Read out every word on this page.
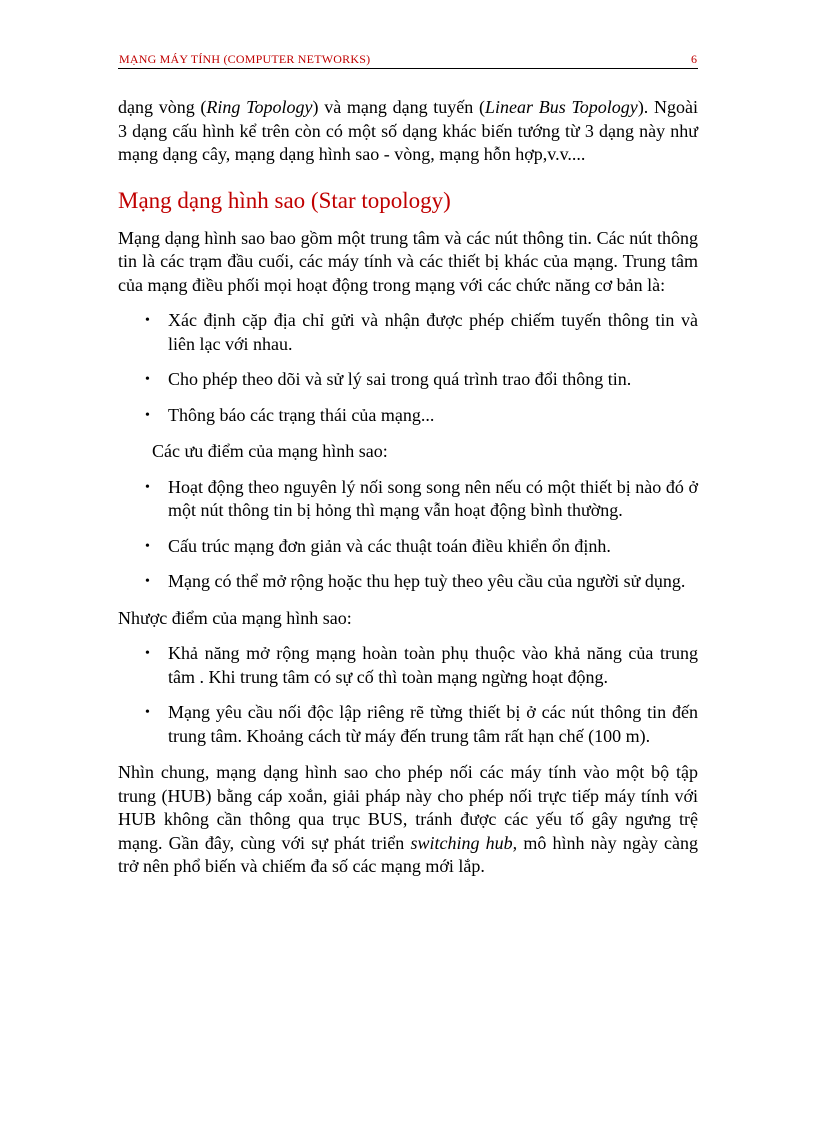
MẠNG MÁY TÍNH (COMPUTER NETWORKS)	6

dạng vòng (Ring Topology) và mạng dạng tuyến (Linear Bus Topology). Ngoài 3 dạng cấu hình kể trên còn có một số dạng khác biến tướng từ 3 dạng này như mạng dạng cây, mạng dạng hình sao - vòng, mạng hỗn hợp,v.v....

Mạng dạng hình sao (Star topology)

Mạng dạng hình sao bao gồm một trung tâm và các nút thông tin. Các nút thông tin là các trạm đầu cuối, các máy tính và các thiết bị khác của mạng. Trung tâm của mạng điều phối mọi hoạt động trong mạng với các chức năng cơ bản là:

• Xác định cặp địa chỉ gửi và nhận được phép chiếm tuyến thông tin và liên lạc với nhau.
• Cho phép theo dõi và sử lý sai trong quá trình trao đổi thông tin.
• Thông báo các trạng thái của mạng...

Các ưu điểm của mạng hình sao:

• Hoạt động theo nguyên lý nối song song nên nếu có một thiết bị nào đó ở một nút thông tin bị hỏng thì mạng vẫn hoạt động bình thường.
• Cấu trúc mạng đơn giản và các thuật toán điều khiển ổn định.
• Mạng có thể mở rộng hoặc thu hẹp tuỳ theo yêu cầu của người sử dụng.

Nhược điểm của mạng hình sao:

• Khả năng mở rộng mạng hoàn toàn phụ thuộc vào khả năng của trung tâm . Khi trung tâm có sự cố thì toàn mạng ngừng hoạt động.
• Mạng yêu cầu nối độc lập riêng rẽ từng thiết bị ở các nút thông tin đến trung tâm. Khoảng cách từ máy đến trung tâm rất hạn chế (100 m).

Nhìn chung, mạng dạng hình sao cho phép nối các máy tính vào một bộ tập trung (HUB) bằng cáp xoắn, giải pháp này cho phép nối trực tiếp máy tính với HUB không cần thông qua trục BUS, tránh được các yếu tố gây ngưng trệ mạng. Gần đây, cùng với sự phát triển switching hub, mô hình này ngày càng trở nên phổ biến và chiếm đa số các mạng mới lắp.
